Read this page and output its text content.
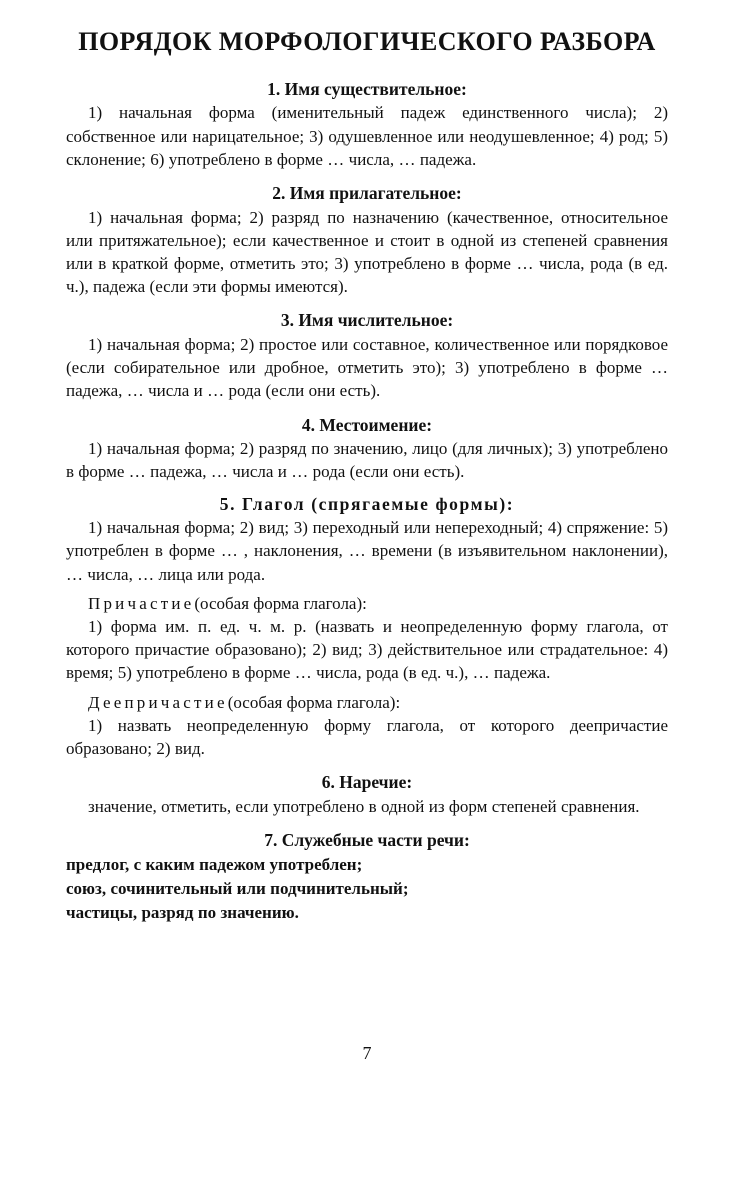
ПОРЯДОК МОРФОЛОГИЧЕСКОГО РАЗБОРА
1. Имя существительное:

1) начальная форма (именительный падеж единственного числа); 2) собственное или нарицательное; 3) одушевленное или неодушевленное; 4) род; 5) склонение; 6) употреблено в форме … числа, … падежа.

2. Имя прилагательное:

1) начальная форма; 2) разряд по назначению (качественное, относительное или притяжательное); если качественное и стоит в одной из степеней сравнения или в краткой форме, отметить это; 3) употреблено в форме … числа, рода (в ед. ч.), падежа (если эти формы имеются).

3. Имя числительное:

1) начальная форма; 2) простое или составное, количественное или порядковое (если собирательное или дробное, отметить это); 3) употреблено в форме … падежа, … числа и … рода (если они есть).

4. Местоимение:

1) начальная форма; 2) разряд по значению, лицо (для личных); 3) употреблено в форме … падежа, … числа и … рода (если они есть).

5. Глагол (спрягаемые формы):

1) начальная форма; 2) вид; 3) переходный или непереходный; 4) спряжение: 5) употреблен в форме … , наклонения, … времени (в изъявительном наклонении), … числа, … лица или рода.

Причастие(особая форма глагола):

1) форма им. п. ед. ч. м. р. (назвать и неопределенную форму глагола, от которого причастие образовано); 2) вид; 3) действительное или страдательное: 4) время; 5) употреблено в форме … числа, рода (в ед. ч.), … падежа.

Деепричастие(особая форма глагола):

1) назвать неопределенную форму глагола, от которого деепричастие образовано; 2) вид.

6. Наречие:

значение, отметить, если употреблено в одной из форм степеней сравнения.

7. Служебные части речи:

предлог, с каким падежом употреблен;

союз, сочинительный или подчинительный;

частицы, разряд по значению.

7
